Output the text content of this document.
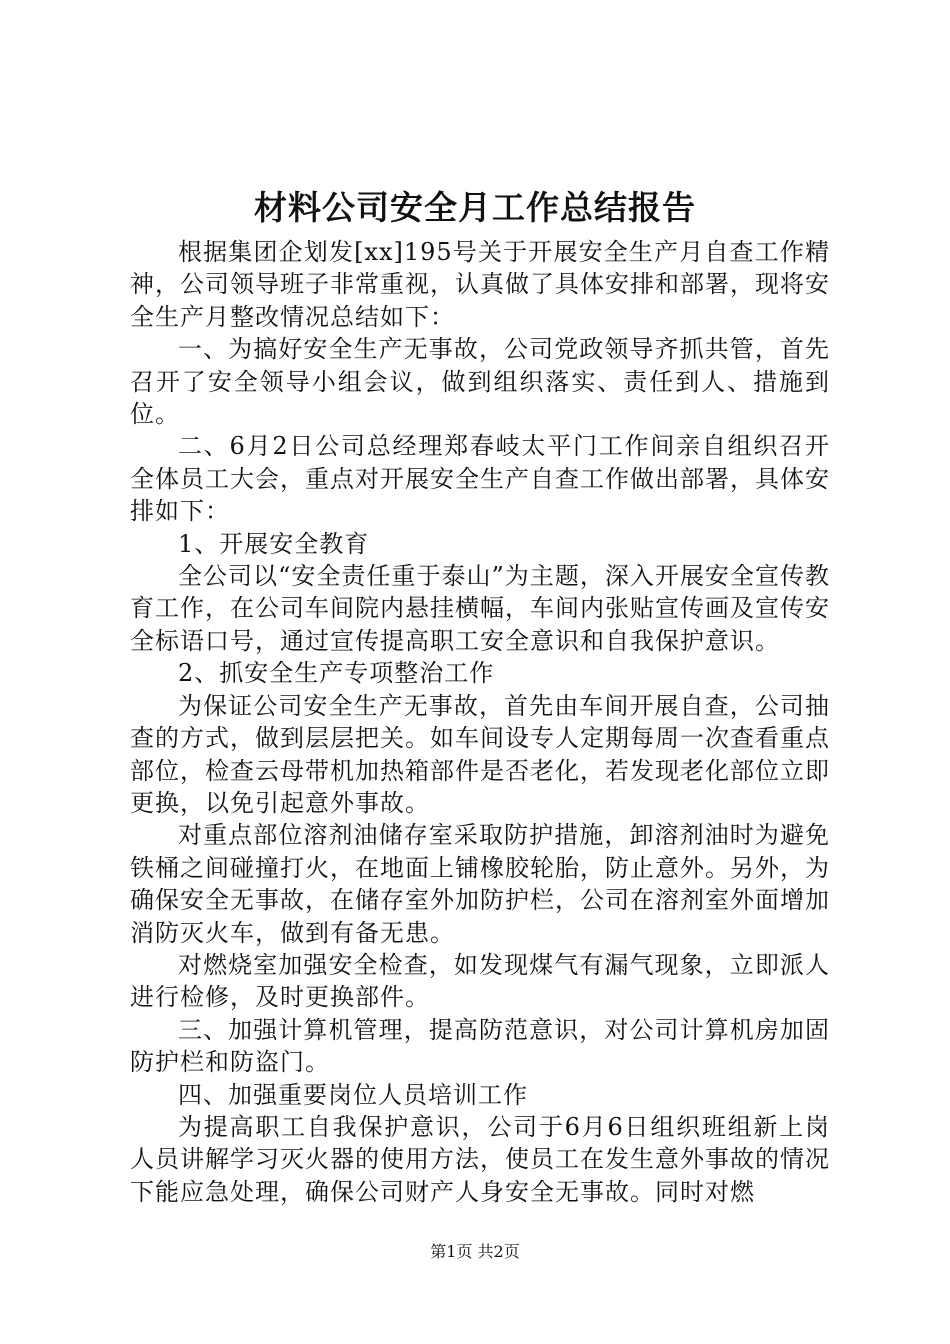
材料公司安全月工作总结报告

根据集团企划发[xx]195号关于开展安全生产月自查工作精神，公司领导班子非常重视，认真做了具体安排和部署，现将安全生产月整改情况总结如下：

一、为搞好安全生产无事故，公司党政领导齐抓共管，首先召开了安全领导小组会议，做到组织落实、责任到人、措施到位。

二、6月2日公司总经理郑春岐太平门工作间亲自组织召开全体员工大会，重点对开展安全生产自查工作做出部署，具体安排如下：

1、开展安全教育

全公司以“安全责任重于泰山”为主题，深入开展安全宣传教育工作，在公司车间院内悬挂横幅，车间内张贴宣传画及宣传安全标语口号，通过宣传提高职工安全意识和自我保护意识。

2、抓安全生产专项整治工作

为保证公司安全生产无事故，首先由车间开展自查，公司抽查的方式，做到层层把关。如车间设专人定期每周一次查看重点部位，检查云母带机加热箱部件是否老化，若发现老化部位立即更换，以免引起意外事故。

对重点部位溶剂油储存室采取防护措施，卸溶剂油时为避免铁桶之间碰撞打火，在地面上铺橡胶轮胎，防止意外。另外，为确保安全无事故，在储存室外加防护栏，公司在溶剂室外面增加消防灭火车，做到有备无患。

对燃烧室加强安全检查，如发现煤气有漏气现象，立即派人进行检修，及时更换部件。

三、加强计算机管理，提高防范意识，对公司计算机房加固防护栏和防盗门。

四、加强重要岗位人员培训工作

为提高职工自我保护意识，公司于6月6日组织班组新上岗人员讲解学习灭火器的使用方法，使员工在发生意外事故的情况下能应急处理，确保公司财产人身安全无事故。同时对燃

第1页 共2页
